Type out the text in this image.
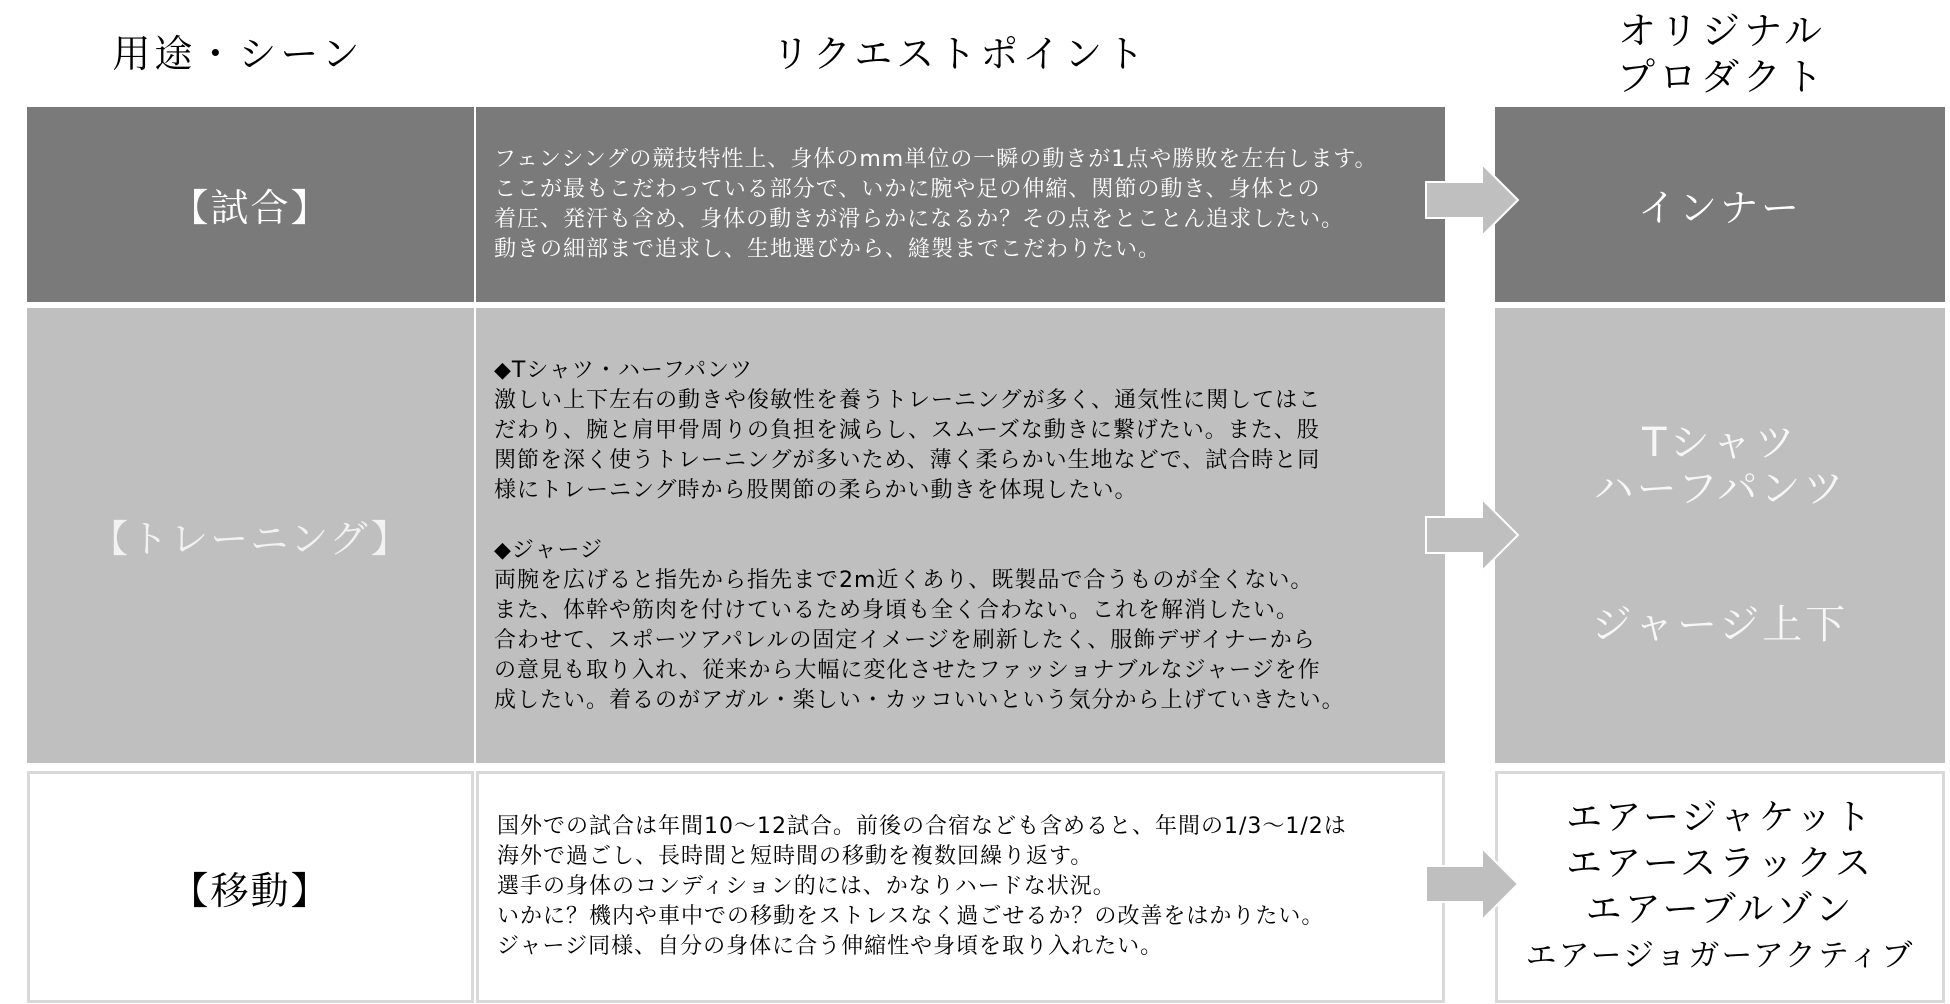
用途・シーン	リクエストポイント
オリジナル
プロダクト
【試合】

フェンシングの競技特性上、身体のmm単位の一瞬の動きが1点や勝敗を左右します。

ここが最もこだわっている部分で、いかに腕や足の伸縮、関節の動き、身体との

着圧、発汗も含め、身体の動きが滑らかになるか？その点をとことん追求したい。

動きの細部まで追求し、生地選びから、縫製までこだわりたい。

インナー
【トレーニング】

◆Tシャツ・ハーフパンツ

激しい上下左右の動きや俊敏性を養うトレーニングが多く、通気性に関してはこ

だわり、腕と肩甲骨周りの負担を減らし、スムーズな動きに繋げたい。また、股

関節を深く使うトレーニングが多いため、薄く柔らかい生地などで、試合時と同

様にトレーニング時から股関節の柔らかい動きを体現したい。

◆ジャージ

両腕を広げると指先から指先まで2m近くあり、既製品で合うものが全くない。

また、体幹や筋肉を付けているため身頃も全く合わない。これを解消したい。

合わせて、スポーツアパレルの固定イメージを刷新したく、服飾デザイナーから

の意見も取り入れ、従来から大幅に変化させたファッショナブルなジャージを作

成したい。着るのがアガル・楽しい・カッコいいという気分から上げていきたい。

Tシャツ
ハーフパンツ
ジャージ上下
【移動】

国外での試合は年間10～12試合。前後の合宿なども含めると、年間の1/3～1/2は

海外で過ごし、長時間と短時間の移動を複数回繰り返す。

選手の身体のコンディション的には、かなりハードな状況。

いかに？機内や車中での移動をストレスなく過ごせるか？の改善をはかりたい。

ジャージ同様、自分の身体に合う伸縮性や身頃を取り入れたい。

エアージャケット
エアースラックス
エアーブルゾン
エアージョガーアクティブ
